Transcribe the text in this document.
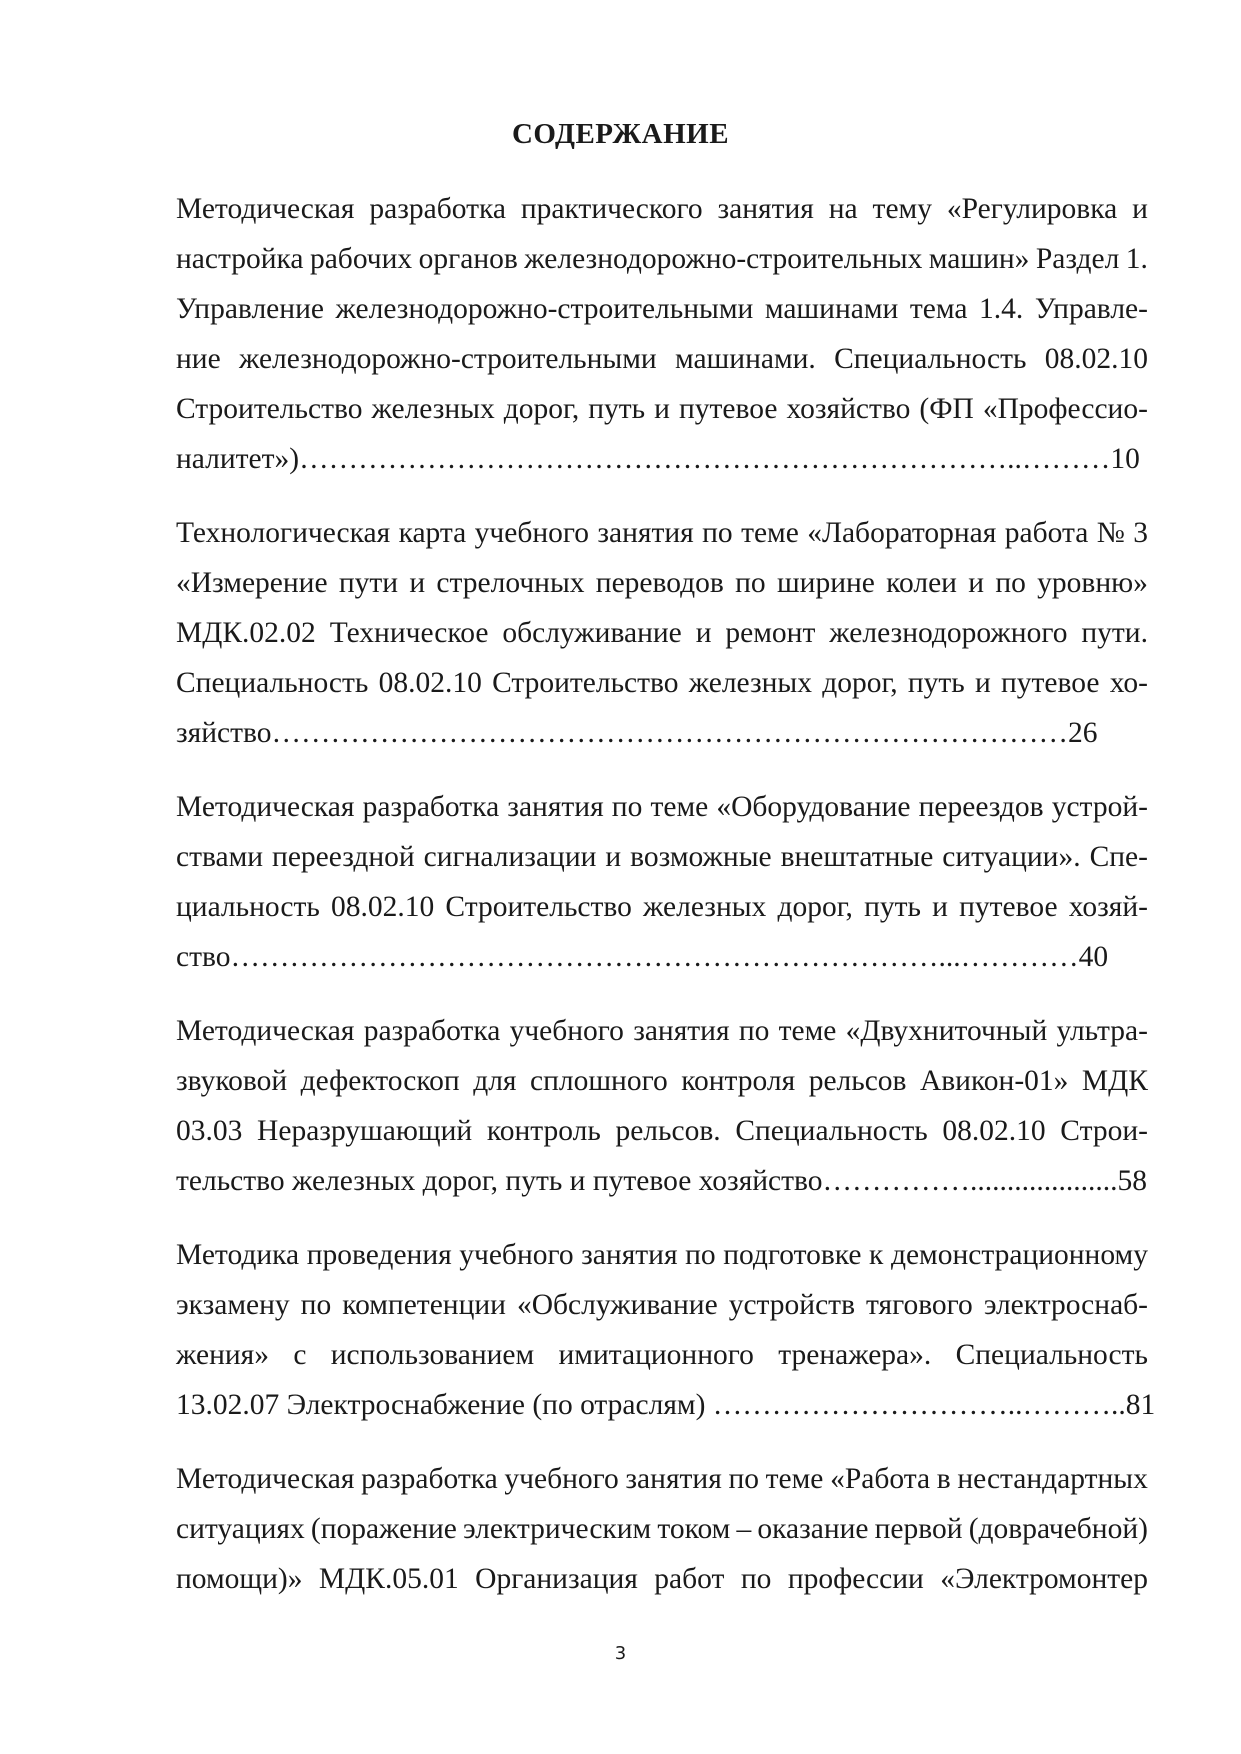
СОДЕРЖАНИЕ
Методическая разработка практического занятия на тему «Регулировка и
настройка рабочих органов железнодорожно-строительных машин» Раздел 1.
Управление железнодорожно-строительными машинами тема 1.4. Управле-
ние железнодорожно-строительными машинами. Специальность 08.02.10
Строительство железных дорог, путь и путевое хозяйство (ФП «Профессио-
налитет»)………………………………………………………………..………10
Технологическая карта учебного занятия по теме «Лабораторная работа № 3
«Измерение пути и стрелочных переводов по ширине колеи и по уровню»
МДК.02.02 Техническое обслуживание и ремонт железнодорожного пути.
Специальность 08.02.10 Строительство железных дорог, путь и путевое хо-
зяйство………………………………………………………………………26
Методическая разработка занятия по теме «Оборудование переездов устрой-
ствами переездной сигнализации и возможные внештатные ситуации». Спе-
циальность 08.02.10 Строительство железных дорог, путь и путевое хозяй-
ство………………………………………………………………...…………40
Методическая разработка учебного занятия по теме «Двухниточный ультра-
звуковой дефектоскоп для сплошного контроля рельсов Авикон-01» МДК
03.03 Неразрушающий контроль рельсов. Специальность 08.02.10 Строи-
тельство железных дорог, путь и путевое хозяйство……………....................58
Методика проведения учебного занятия по подготовке к демонстрационному
экзамену по компетенции «Обслуживание устройств тягового электроснаб-
жения» с использованием имитационного тренажера». Специальность
13.02.07 Электроснабжение (по отраслям) …………………………..………..81
Методическая разработка учебного занятия по теме «Работа в нестандартных
ситуациях (поражение электрическим током – оказание первой (доврачебной)
помощи)» МДК.05.01 Организация работ по профессии «Электромонтер
3
